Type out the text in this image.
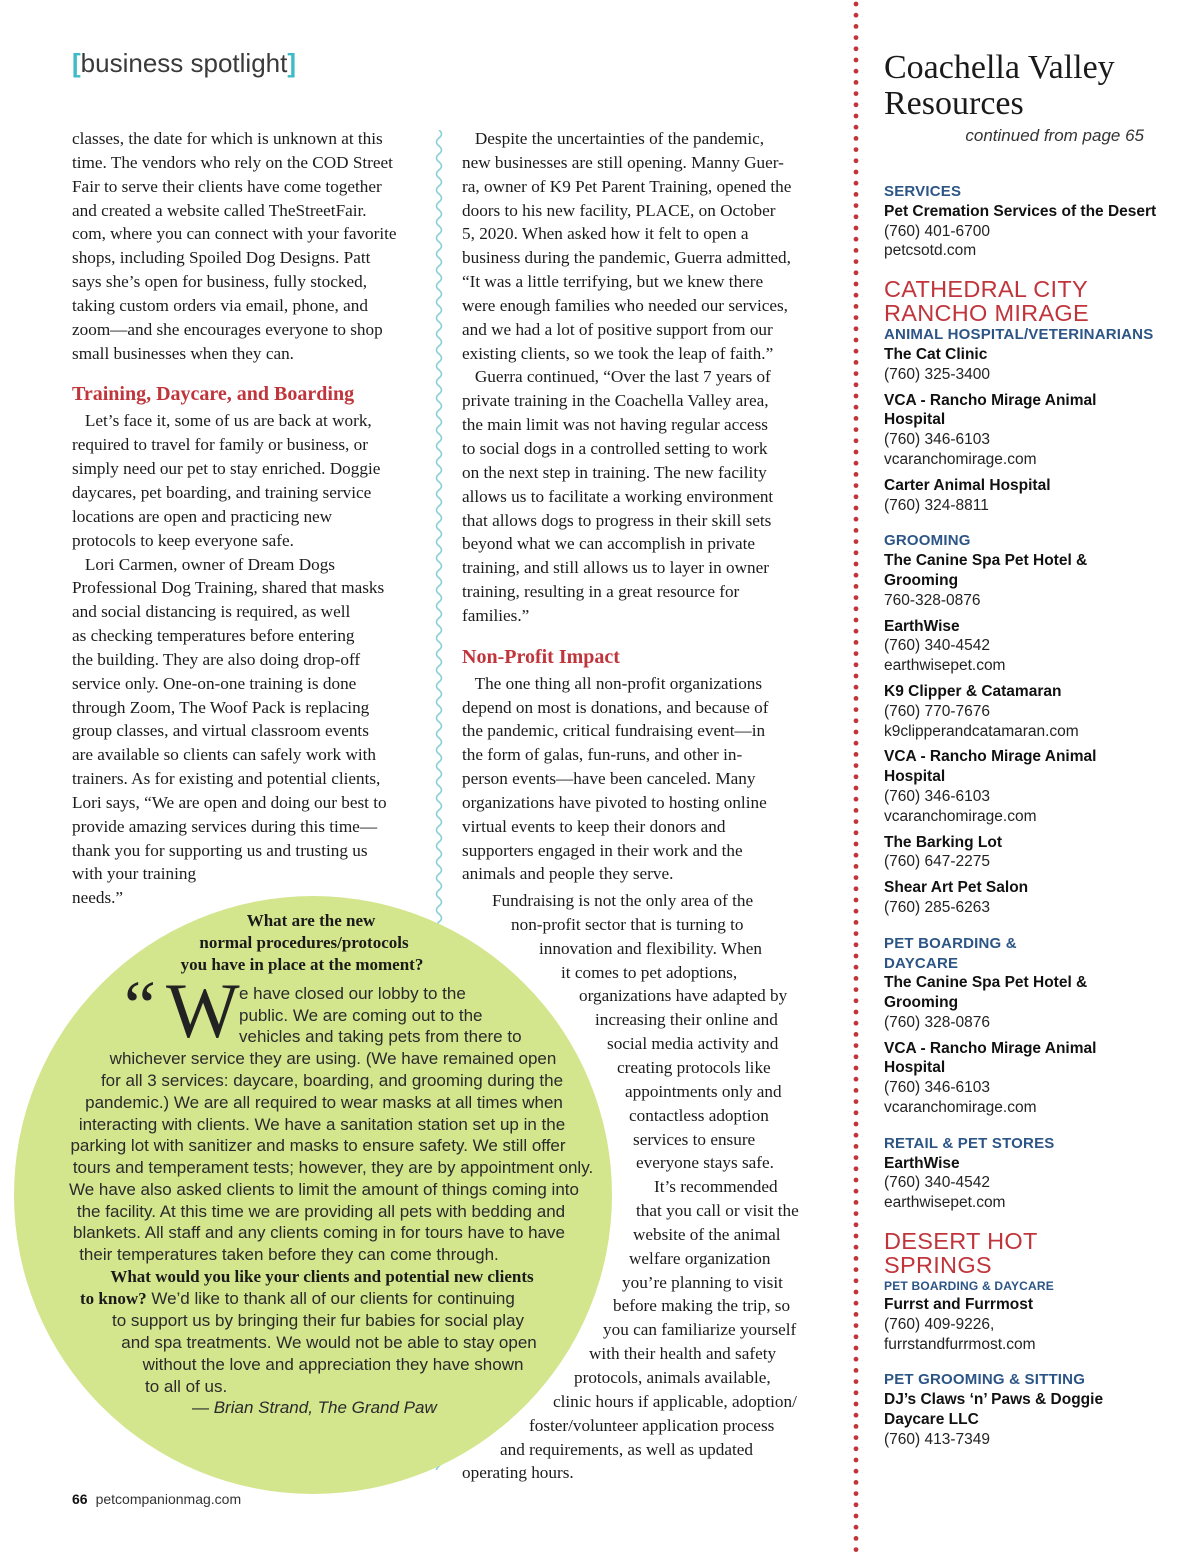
[business spotlight]
classes, the date for which is unknown at this
time. The vendors who rely on the COD Street
Fair to serve their clients have come together
and created a website called TheStreetFair.
com, where you can connect with your favorite
shops, including Spoiled Dog Designs. Patt
says she’s open for business, fully stocked,
taking custom orders via email, phone, and
zoom—and she encourages everyone to shop
small businesses when they can.
Training, Daycare, and Boarding
Let’s face it, some of us are back at work,
required to travel for family or business, or
simply need our pet to stay enriched. Doggie
daycares, pet boarding, and training service
locations are open and practicing new
protocols to keep everyone safe.
Lori Carmen, owner of Dream Dogs
Professional Dog Training, shared that masks
and social distancing is required, as well
as checking temperatures before entering
the building. They are also doing drop-off
service only. One-on-one training is done
through Zoom, The Woof Pack is replacing
group classes, and virtual classroom events
are available so clients can safely work with
trainers. As for existing and potential clients,
Lori says, “We are open and doing our best to
provide amazing services during this time—
thank you for supporting us and trusting us
with your training
needs.”
Despite the uncertainties of the pandemic,
new businesses are still opening. Manny Guer-
ra, owner of K9 Pet Parent Training, opened the
doors to his new facility, PLACE, on October
5, 2020. When asked how it felt to open a
business during the pandemic, Guerra admitted,
“It was a little terrifying, but we knew there
were enough families who needed our services,
and we had a lot of positive support from our
existing clients, so we took the leap of faith.”
Guerra continued, “Over the last 7 years of
private training in the Coachella Valley area,
the main limit was not having regular access
to social dogs in a controlled setting to work
on the next step in training. The new facility
allows us to facilitate a working environment
that allows dogs to progress in their skill sets
beyond what we can accomplish in private
training, and still allows us to layer in owner
training, resulting in a great resource for
families.”
Non-Profit Impact
The one thing all non-profit organizations
depend on most is donations, and because of
the pandemic, critical fundraising event—in
the form of galas, fun-runs, and other in-
person events—have been canceled. Many
organizations have pivoted to hosting online
virtual events to keep their donors and
supporters engaged in their work and the
animals and people they serve.
Fundraising is not the only area of the
non-profit sector that is turning to
innovation and flexibility. When
it comes to pet adoptions,
organizations have adapted by
increasing their online and
social media activity and
creating protocols like
appointments only and
contactless adoption
services to ensure
everyone stays safe.
It’s recommended
that you call or visit the
website of the animal
welfare organization
you’re planning to visit
before making the trip, so
you can familiarize yourself
with their health and safety
protocols, animals available,
clinic hours if applicable, adoption/
foster/volunteer application process
and requirements, as well as updated
operating hours.
What are the new
normal procedures/protocols
you have in place at the moment?
e have closed our lobby to the
public. We are coming out to the
vehicles and taking pets from there to
whichever service they are using. (We have remained open
for all 3 services: daycare, boarding, and grooming during the
pandemic.) We are all required to wear masks at all times when
interacting with clients. We have a sanitation station set up in the
parking lot with sanitizer and masks to ensure safety. We still offer
tours and temperament tests; however, they are by appointment only.
We have also asked clients to limit the amount of things coming into
the facility. At this time we are providing all pets with bedding and
blankets. All staff and any clients coming in for tours have to have
their temperatures taken before they can come through.
What would you like your clients and potential new clients
to know? We’d like to thank all of our clients for continuing
to support us by bringing their fur babies for social play
and spa treatments. We would not be able to stay open
without the love and appreciation they have shown
to all of us.
“ W
— Brian Strand, The Grand Paw
Coachella Valley
Resources
continued from page 65
SERVICES
Pet Cremation Services of the Desert
(760) 401-6700
petcsotd.com
CATHEDRAL CITY
RANCHO MIRAGE
ANIMAL HOSPITAL/VETERINARIANS
The Cat Clinic
(760) 325-3400
VCA - Rancho Mirage Animal
Hospital
(760) 346-6103
vcaranchomirage.com
Carter Animal Hospital
(760) 324-8811
GROOMING
The Canine Spa Pet Hotel &
Grooming
760-328-0876
EarthWise
(760) 340-4542
earthwisepet.com
K9 Clipper & Catamaran
(760) 770-7676
k9clipperandcatamaran.com
VCA - Rancho Mirage Animal
Hospital
(760) 346-6103
vcaranchomirage.com
The Barking Lot
(760) 647-2275
Shear Art Pet Salon
(760) 285-6263
PET BOARDING &
DAYCARE
The Canine Spa Pet Hotel &
Grooming
(760) 328-0876
VCA - Rancho Mirage Animal
Hospital
(760) 346-6103
vcaranchomirage.com
RETAIL & PET STORES
EarthWise
(760) 340-4542
earthwisepet.com
DESERT HOT
SPRINGS
PET BOARDING & DAYCARE
Furrst and Furrmost
(760) 409-9226,
furrstandfurrmost.com
PET GROOMING & SITTING
DJ’s Claws ‘n’ Paws & Doggie
Daycare LLC
(760) 413-7349
66 petcompanionmag.com
